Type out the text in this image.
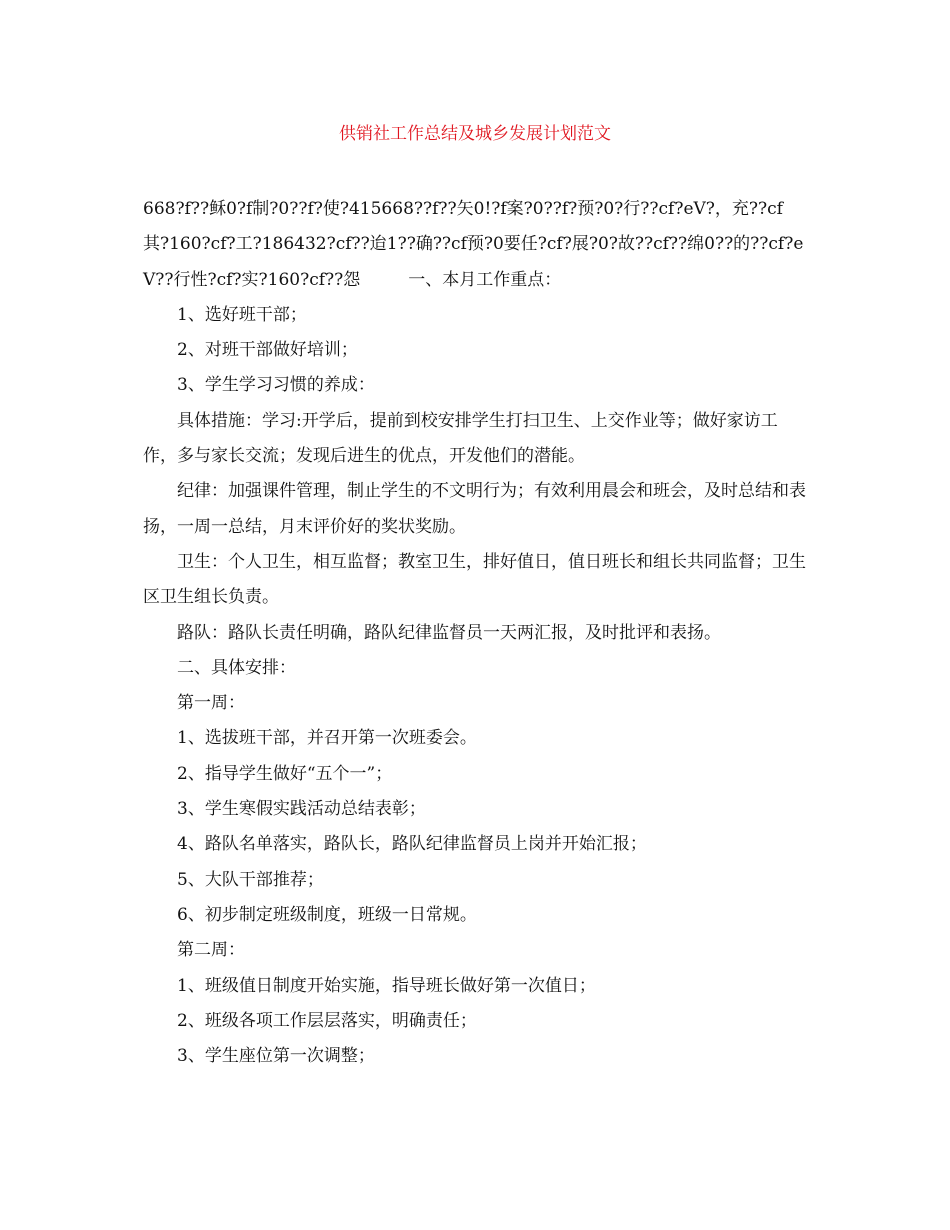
供销社工作总结及城乡发展计划范文

668?f??稣0?f制?0??f?使?415668??f??矢0!?f案?0??f?预?0?行??cf?eV?，充??cf其?160?cf?工?186432?cf??迨1??确??cf预?0要任?cf?展?0?故??cf??绵0??的??cf?eV??行性?cf?实?160?cf??怨	一、本月工作重点：

1、选好班干部；

2、对班干部做好培训；

3、学生学习习惯的养成：

具体措施：学习:开学后，提前到校安排学生打扫卫生、上交作业等；做好家访工作，多与家长交流；发现后进生的优点，开发他们的潜能。

纪律：加强课件管理，制止学生的不文明行为；有效利用晨会和班会，及时总结和表扬，一周一总结，月末评价好的奖状奖励。

卫生：个人卫生，相互监督；教室卫生，排好值日，值日班长和组长共同监督；卫生区卫生组长负责。

路队：路队长责任明确，路队纪律监督员一天两汇报，及时批评和表扬。

二、具体安排：

第一周：

1、选拔班干部，并召开第一次班委会。

2、指导学生做好“五个一”；

3、学生寒假实践活动总结表彰；

4、路队名单落实，路队长，路队纪律监督员上岗并开始汇报；

5、大队干部推荐；

6、初步制定班级制度，班级一日常规。

第二周：

1、班级值日制度开始实施，指导班长做好第一次值日；

2、班级各项工作层层落实，明确责任；

3、学生座位第一次调整；
